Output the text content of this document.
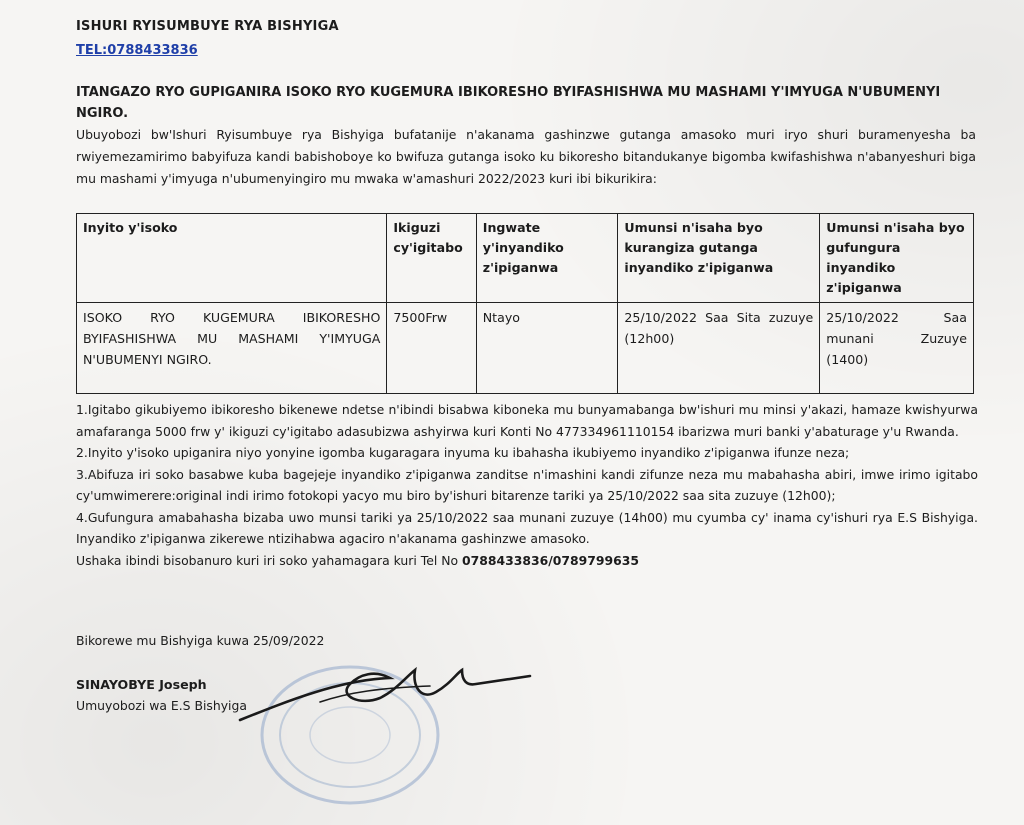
ISHURI RYISUMBUYE RYA BISHYIGA
TEL:0788433836
ITANGAZO RYO GUPIGANIRA ISOKO RYO KUGEMURA IBIKORESHO BYIFASHISHWA MU MASHAMI Y'IMYUGA N'UBUMENYI NGIRO.
Ubuyobozi bw'Ishuri Ryisumbuye rya Bishyiga bufatanije n'akanama gashinzwe gutanga amasoko muri iryo shuri buramenyesha ba rwiyemezamirimo babyifuza kandi babishoboye ko bwifuza gutanga isoko ku bikoresho bitandukanye bigomba kwifashishwa n'abanyeshuri biga mu mashami y'imyuga n'ubumenyingiro mu mwaka w'amashuri 2022/2023 kuri ibi bikurikira:
Inyito y'isoko	Ikiguzi cy'igitabo	Ingwate y'inyandiko z'ipiganwa	Umunsi n'isaha byo kurangiza gutanga inyandiko z'ipiganwa	Umunsi n'isaha byo gufungura inyandiko z'ipiganwa
ISOKO RYO KUGEMURA IBIKORESHO BYIFASHISHWA MU MASHAMI Y'IMYUGA N'UBUMENYI NGIRO.	7500Frw	Ntayo	25/10/2022 Saa Sita zuzuye (12h00)	25/10/2022 Saa munani Zuzuye (1400)

1.Igitabo gikubiyemo ibikoresho bikenewe ndetse n'ibindi bisabwa kiboneka mu bunyamabanga bw'ishuri mu minsi y'akazi, hamaze kwishyurwa amafaranga 5000 frw y' ikiguzi cy'igitabo adasubizwa ashyirwa kuri Konti No 477334961110154 ibarizwa muri banki y'abaturage y'u Rwanda.

2.Inyito y'isoko upiganira niyo yonyine igomba kugaragara inyuma ku ibahasha ikubiyemo inyandiko z'ipiganwa ifunze neza;

3.Abifuza iri soko basabwe kuba bagejeje inyandiko z'ipiganwa zanditse n'imashini kandi zifunze neza mu mabahasha abiri, imwe irimo igitabo cy'umwimerere:original indi irimo fotokopi yacyo mu biro by'ishuri bitarenze tariki ya 25/10/2022 saa sita zuzuye (12h00);

4.Gufungura amabahasha bizaba uwo munsi tariki ya 25/10/2022 saa munani zuzuye (14h00) mu cyumba cy' inama cy'ishuri rya E.S Bishyiga. Inyandiko z'ipiganwa zikerewe ntizihabwa agaciro n'akanama gashinzwe amasoko.

Ushaka ibindi bisobanuro kuri iri soko yahamagara kuri Tel No 0788433836/0789799635

Bikorewe mu Bishyiga kuwa 25/09/2022
SINAYOBYE Joseph
Umuyobozi wa E.S Bishyiga
